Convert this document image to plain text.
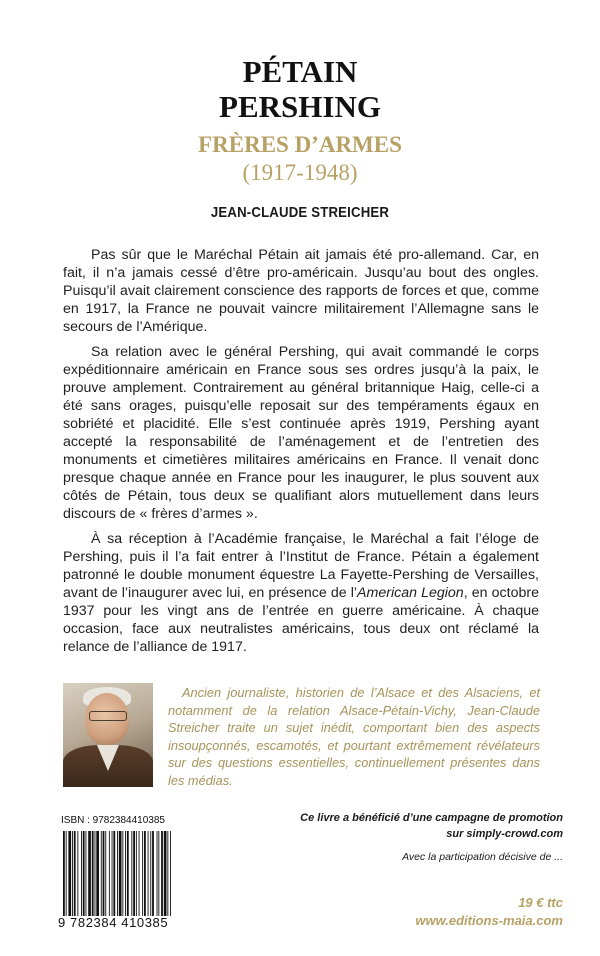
PÉTAIN
PERSHING
FRÈRES D’ARMES
(1917-1948)
JEAN-CLAUDE STREICHER

Pas sûr que le Maréchal Pétain ait jamais été pro-allemand. Car, en fait, il n’a jamais cessé d’être pro-américain. Jusqu’au bout des ongles. Puisqu’il avait clairement conscience des rapports de forces et que, comme en 1917, la France ne pouvait vaincre militairement l’Allemagne sans le secours de l’Amérique.

Sa relation avec le général Pershing, qui avait commandé le corps expéditionnaire américain en France sous ses ordres jusqu’à la paix, le prouve amplement. Contrairement au général britannique Haig, celle-ci a été sans orages, puisqu’elle reposait sur des tempéraments égaux en sobriété et placidité. Elle s’est continuée après 1919, Pershing ayant accepté la responsabilité de l’aménagement et de l’entretien des monuments et cimetières militaires américains en France. Il venait donc presque chaque année en France pour les inaugurer, le plus souvent aux côtés de Pétain, tous deux se qualifiant alors mutuellement dans leurs discours de « frères d’armes ».

À sa réception à l’Académie française, le Maréchal a fait l’éloge de Pershing, puis il l’a fait entrer à l’Institut de France. Pétain a également patronné le double monument équestre La Fayette-Pershing de Versailles, avant de l’inaugurer avec lui, en présence de l’American Legion, en octobre 1937 pour les vingt ans de l’entrée en guerre américaine. À chaque occasion, face aux neutralistes américains, tous deux ont réclamé la relance de l’alliance de 1917.

Ancien journaliste, historien de l’Alsace et des Alsaciens, et notamment de la relation Alsace-Pétain-Vichy, Jean-Claude Streicher traite un sujet inédit, comportant bien des aspects insoupçonnés, escamotés, et pourtant extrêmement révélateurs sur des questions essentielles, continuellement présentes dans les médias.
ISBN : 9782384410385
9 782384 410385
Ce livre a bénéficié d’une campagne de promotion
sur simply-crowd.com
Avec la participation décisive de ...
19 € ttc
www.editions-maia.com
